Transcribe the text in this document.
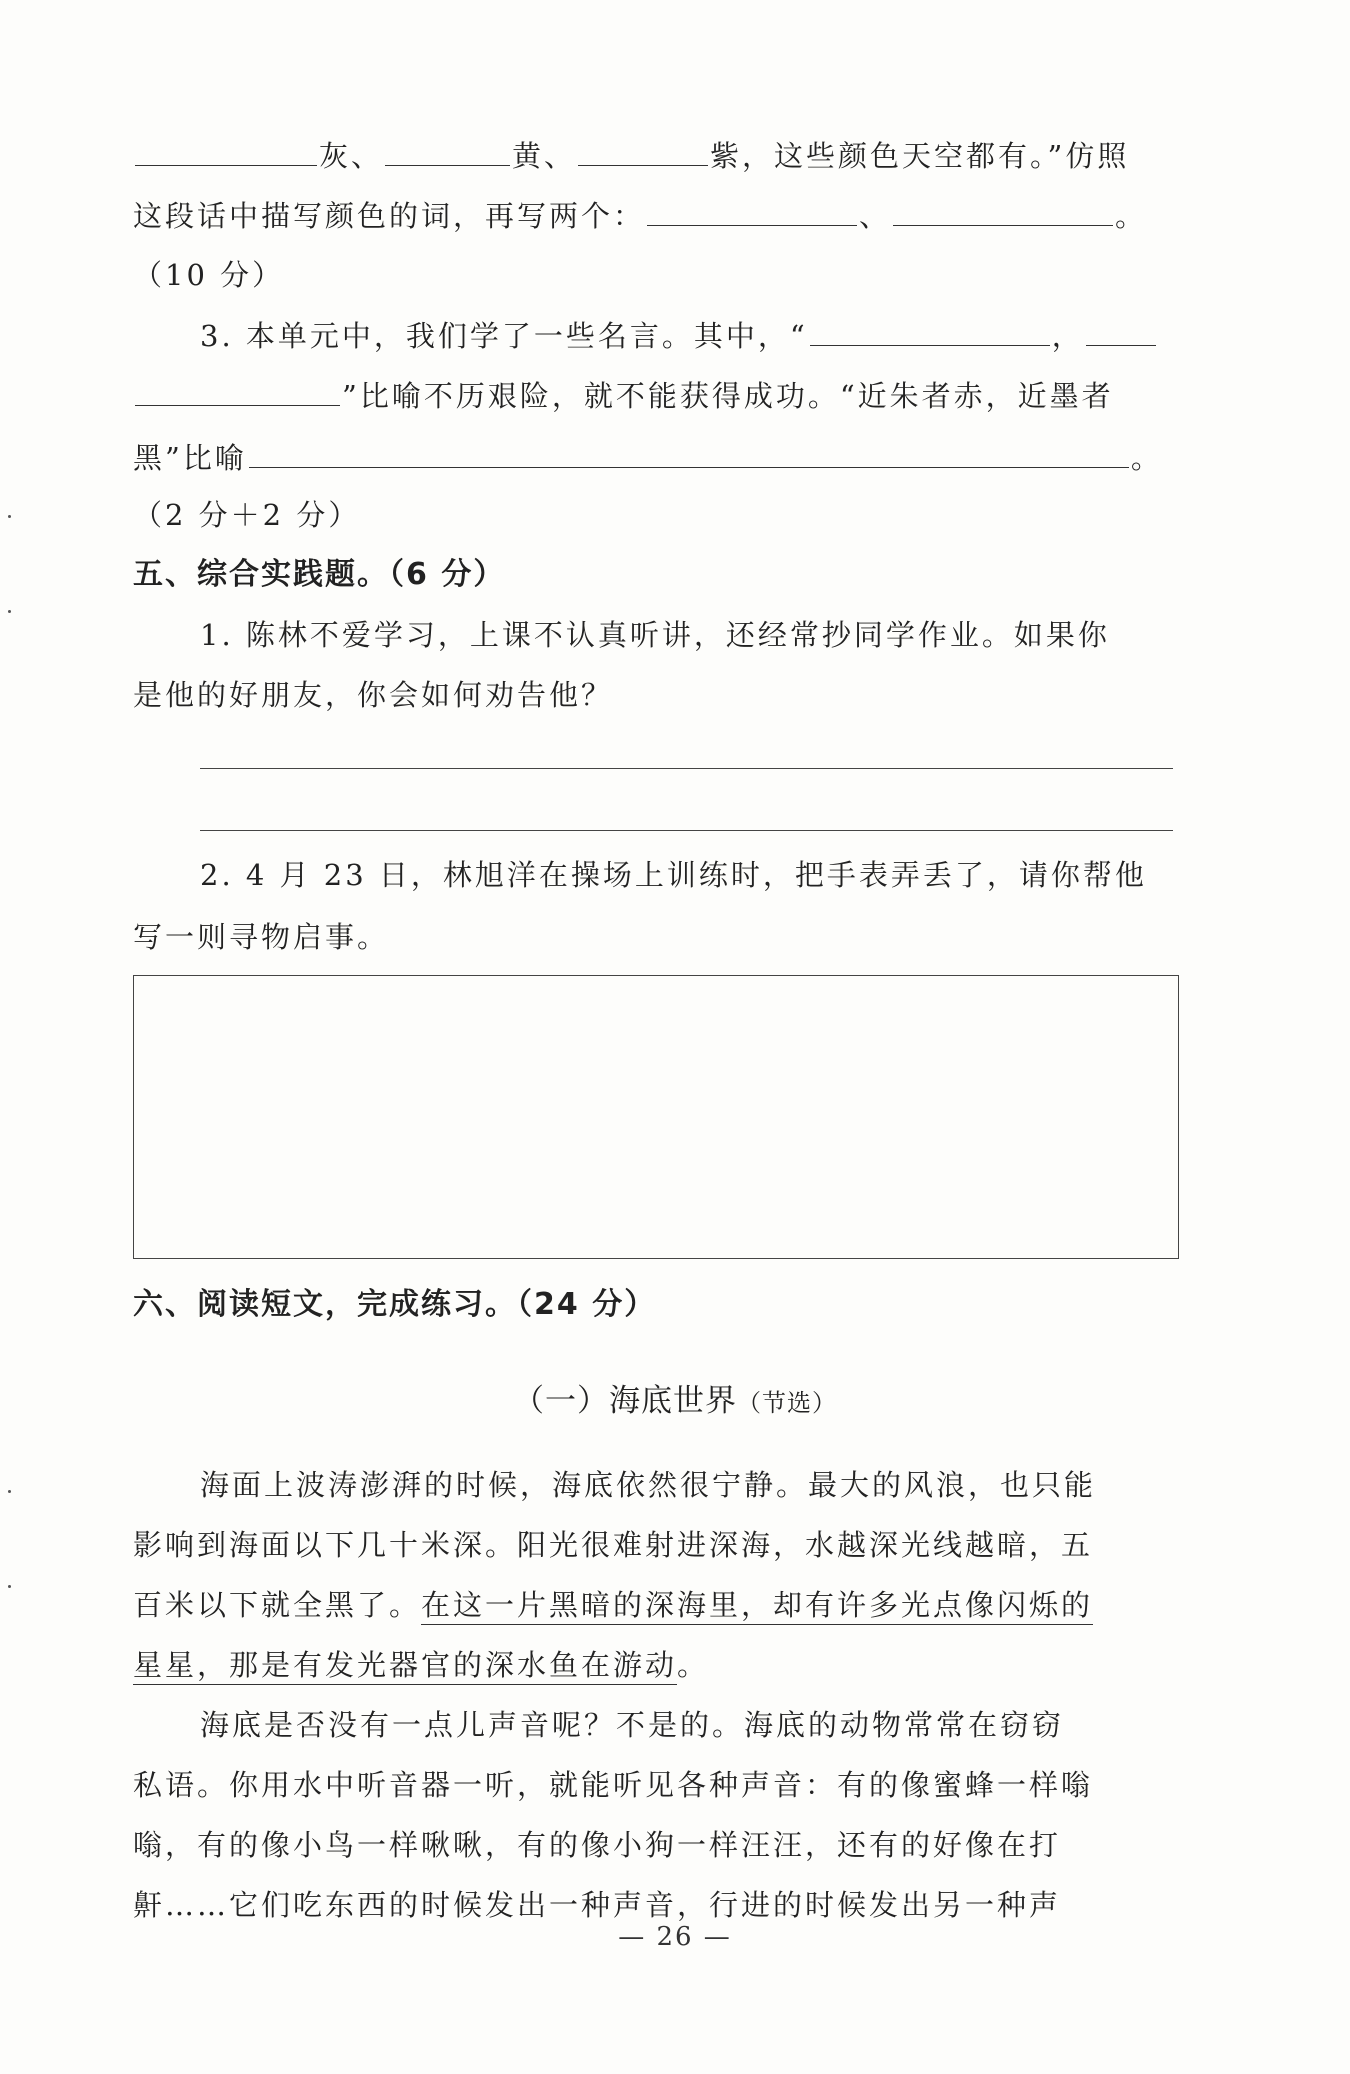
灰、	黄、	紫，这些颜色天空都有。”仿照
这段话中描写颜色的词，再写两个：	、	。
（10 分）
3. 本单元中，我们学了一些名言。其中，“	，
”比喻不历艰险，就不能获得成功。“近朱者赤，近墨者
黑”比喻	。
（2 分＋2 分）
五、综合实践题。（6 分）
1. 陈林不爱学习，上课不认真听讲，还经常抄同学作业。如果你
是他的好朋友，你会如何劝告他？
2. 4 月 23 日，林旭洋在操场上训练时，把手表弄丢了，请你帮他
写一则寻物启事。
六、阅读短文，完成练习。（24 分）
（一）海底世界（节选）
海面上波涛澎湃的时候，海底依然很宁静。最大的风浪，也只能
影响到海面以下几十米深。阳光很难射进深海，水越深光线越暗，五
百米以下就全黑了。在这一片黑暗的深海里，却有许多光点像闪烁的
星星，那是有发光器官的深水鱼在游动。
海底是否没有一点儿声音呢？不是的。海底的动物常常在窃窃
私语。你用水中听音器一听，就能听见各种声音：有的像蜜蜂一样嗡
嗡，有的像小鸟一样啾啾，有的像小狗一样汪汪，还有的好像在打
鼾……它们吃东西的时候发出一种声音，行进的时候发出另一种声
— 26 —
